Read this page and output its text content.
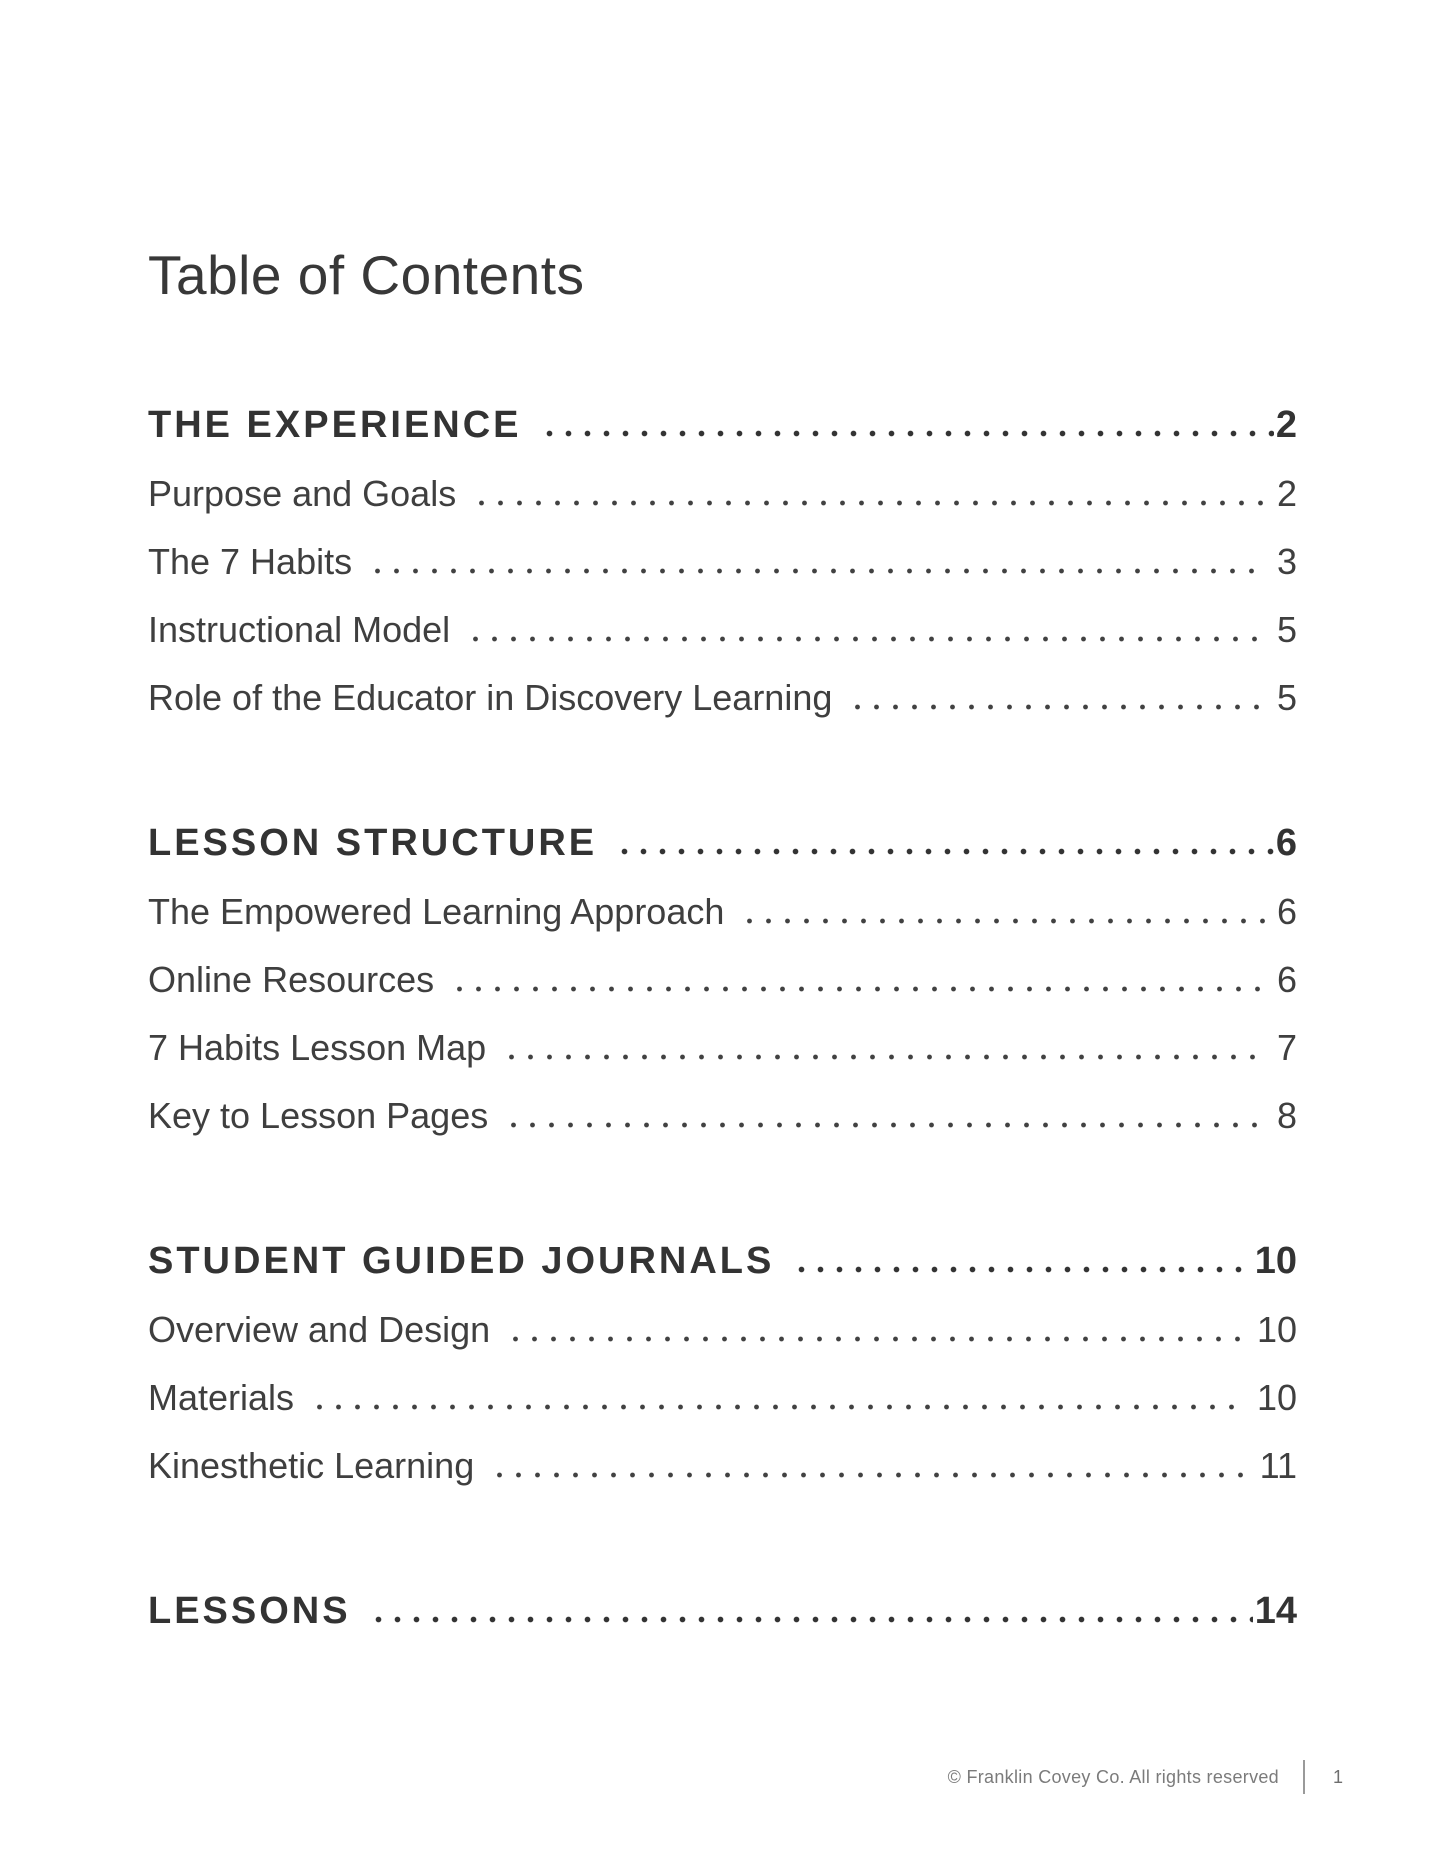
Table of Contents
THE EXPERIENCE	2
Purpose and Goals	2
The 7 Habits	3
Instructional Model	5
Role of the Educator in Discovery Learning	5
LESSON STRUCTURE	6
The Empowered Learning Approach	6
Online Resources	6
7 Habits Lesson Map	7
Key to Lesson Pages	8
STUDENT GUIDED JOURNALS	10
Overview and Design	10
Materials	10
Kinesthetic Learning	11
LESSONS	14
© Franklin Covey Co. All rights reserved	1
